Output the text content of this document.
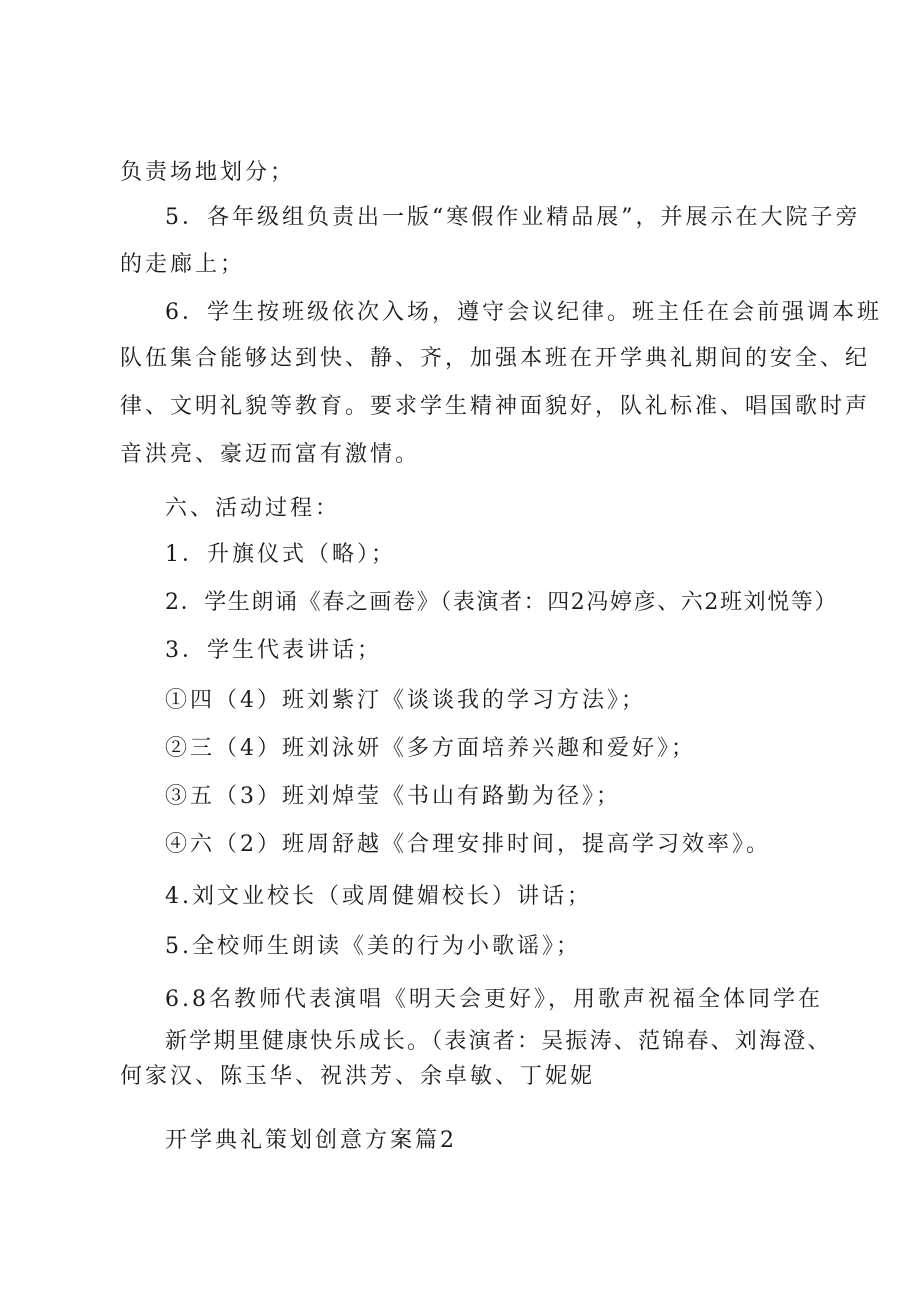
负责场地划分；
5．各年级组负责出一版“寒假作业精品展”，并展示在大院子旁
的走廊上；
6．学生按班级依次入场，遵守会议纪律。班主任在会前强调本班
队伍集合能够达到快、静、齐，加强本班在开学典礼期间的安全、纪
律、文明礼貌等教育。要求学生精神面貌好，队礼标准、唱国歌时声
音洪亮、豪迈而富有激情。
六、活动过程：
1．升旗仪式（略）；
2．学生朗诵《春之画卷》（表演者：四2冯婷彦、六2班刘悦等）
3．学生代表讲话；
①四（4）班刘紫汀《谈谈我的学习方法》；
②三（4）班刘泳妍《多方面培养兴趣和爱好》；
③五（3）班刘焯莹《书山有路勤为径》；
④六（2）班周舒越《合理安排时间，提高学习效率》。
4.刘文业校长（或周健媚校长）讲话；
5.全校师生朗读《美的行为小歌谣》；
6.8名教师代表演唱《明天会更好》，用歌声祝福全体同学在
新学期里健康快乐成长。（表演者：吴振涛、范锦春、刘海澄、
何家汉、陈玉华、祝洪芳、余卓敏、丁妮妮
开学典礼策划创意方案篇2
